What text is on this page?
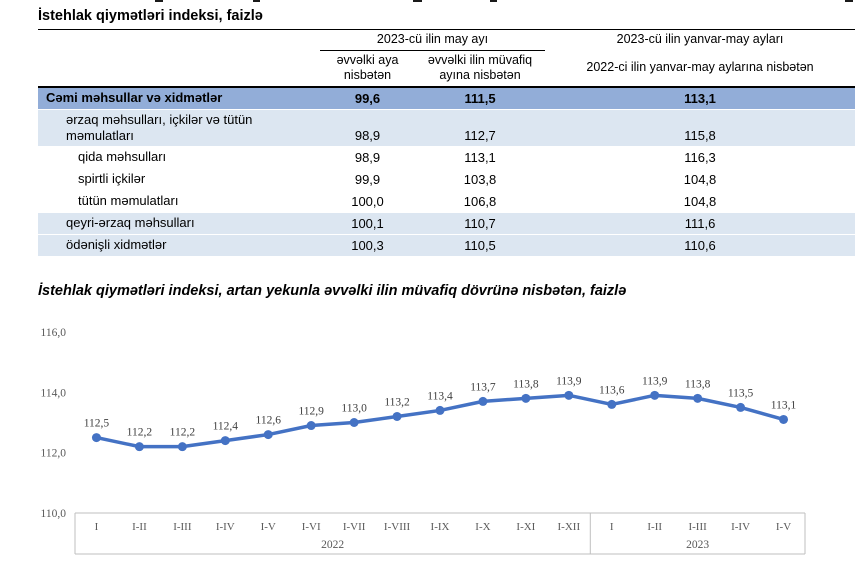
İstehlak qiymətləri indeksi, faizlə
	2023-cü ilin may ayı		2023-cü ilin yanvar-may ayları
	əvvəlki aya nisbətən	əvvəlki ilin müvafiq ayına nisbətən	2022-ci ilin yanvar-may aylarına nisbətən

Cəmi məhsullar və xidmətlər	99,6	111,5	113,1
ərzaq məhsulları, içkilər və tütün məmulatları	98,9	112,7	115,8
qida məhsulları	98,9	113,1	116,3
spirtli içkilər	99,9	103,8	104,8
tütün məmulatları	100,0	106,8	104,8
qeyri-ərzaq məhsulları	100,1	110,7	111,6
ödənişli xidmətlər	100,3	110,5	110,6
İstehlak qiymətləri indeksi, artan yekunla əvvəlki ilin müvafiq dövrünə nisbətən, faizlə
110,0
112,0
114,0
116,0
I	I-II I-III I-IV I-V I-VI I-VII I-VIII I-IX I-X I-XI I-XII	I	I-II I-III I-IV I-V
2022	2023
112,5
112,2 112,2
112,4
112,6
112,9 113,0
113,2
113,4
113,7 113,8 113,9
113,6
113,9 113,8
113,5
113,1
